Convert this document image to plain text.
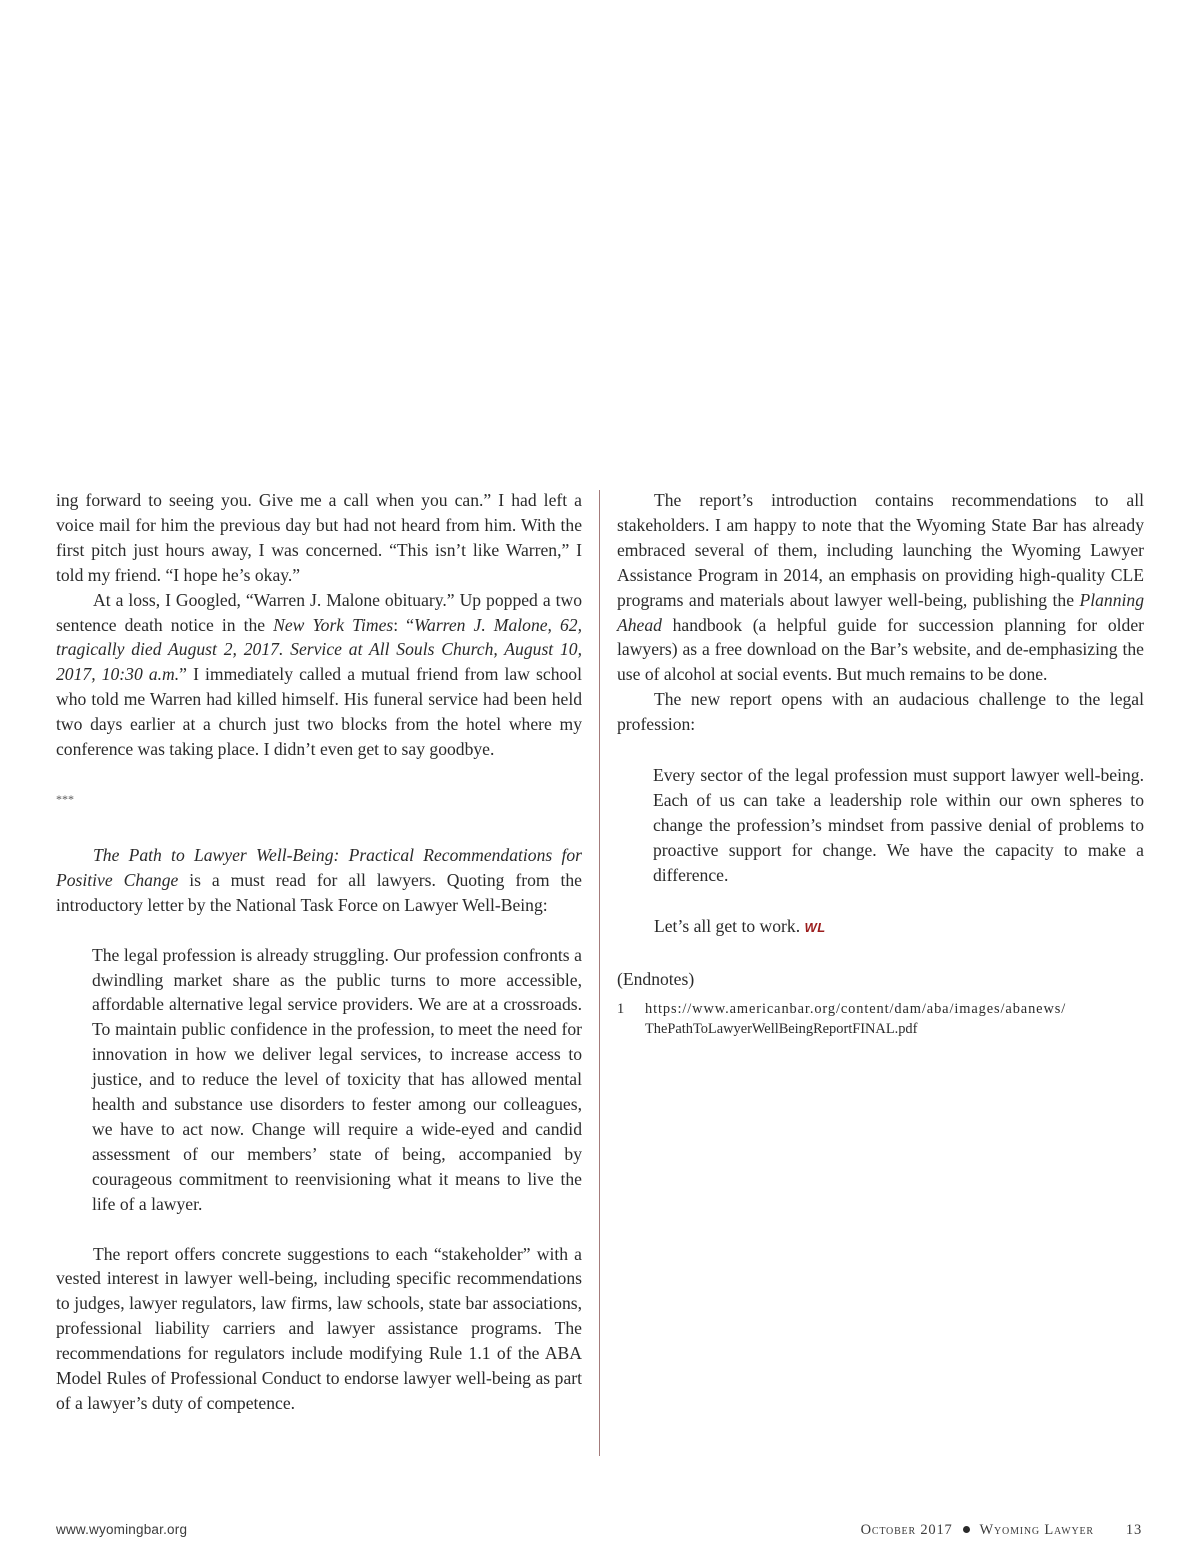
ing forward to seeing you. Give me a call when you can.” I had left a voice mail for him the previous day but had not heard from him. With the first pitch just hours away, I was concerned. “This isn’t like Warren,” I told my friend. “I hope he’s okay.”

At a loss, I Googled, “Warren J. Malone obituary.” Up popped a two sentence death notice in the New York Times: “Warren J. Malone, 62, tragically died August 2, 2017. Service at All Souls Church, August 10, 2017, 10:30 a.m.” I immediately called a mutual friend from law school who told me Warren had killed himself. His funeral service had been held two days earlier at a church just two blocks from the hotel where my conference was taking place. I didn’t even get to say goodbye.

***

The Path to Lawyer Well-Being: Practical Recommendations for Positive Change is a must read for all lawyers. Quoting from the introductory letter by the National Task Force on Lawyer Well-Being:

The legal profession is already struggling. Our profession confronts a dwindling market share as the public turns to more accessible, affordable alternative legal service providers. We are at a crossroads. To maintain public confidence in the profession, to meet the need for innovation in how we deliver legal services, to increase access to justice, and to reduce the level of toxicity that has allowed mental health and substance use disorders to fester among our colleagues, we have to act now. Change will require a wide-eyed and candid assessment of our members’ state of being, accompanied by courageous commitment to reenvisioning what it means to live the life of a lawyer.

The report offers concrete suggestions to each “stakeholder” with a vested interest in lawyer well-being, including specific recommendations to judges, lawyer regulators, law firms, law schools, state bar associations, professional liability carriers and lawyer assistance programs. The recommendations for regulators include modifying Rule 1.1 of the ABA Model Rules of Professional Conduct to endorse lawyer well-being as part of a lawyer’s duty of competence.

The report’s introduction contains recommendations to all stakeholders. I am happy to note that the Wyoming State Bar has already embraced several of them, including launching the Wyoming Lawyer Assistance Program in 2014, an emphasis on providing high-quality CLE programs and materials about lawyer well-being, publishing the Planning Ahead handbook (a helpful guide for succession planning for older lawyers) as a free download on the Bar’s website, and de-emphasizing the use of alcohol at social events. But much remains to be done.

The new report opens with an audacious challenge to the legal profession:

Every sector of the legal profession must support lawyer well-being. Each of us can take a leadership role within our own spheres to change the profession’s mindset from passive denial of problems to proactive support for change. We have the capacity to make a difference.

Let’s all get to work. WL

(Endnotes)

1	https://www.americanbar.org/content/dam/aba/images/abanews/
ThePathToLawyerWellBeingReportFINAL.pdf
www.wyomingbar.org	October 2017 Wyoming Lawyer 13
